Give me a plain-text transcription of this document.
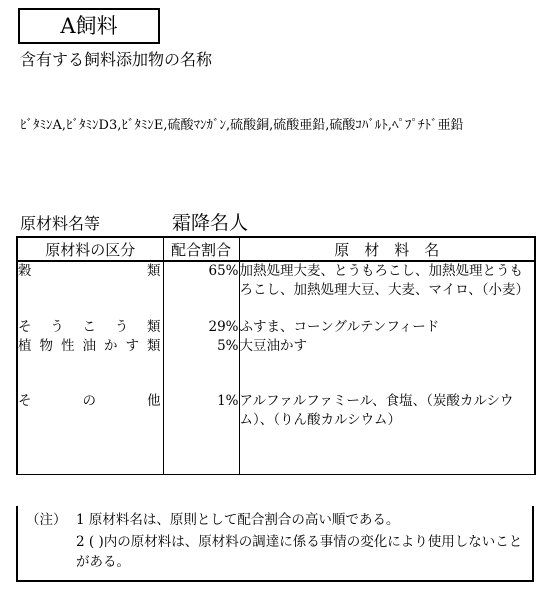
A飼料
含有する飼料添加物の名称
ﾋﾞﾀﾐﾝA,ﾋﾞﾀﾐﾝD3,ﾋﾞﾀﾐﾝE,硫酸ﾏﾝｶﾞﾝ,硫酸銅,硫酸亜鉛,硫酸ｺﾊﾞﾙﾄ,ﾍﾟﾌﾟﾁﾄﾞ亜鉛
原材料名等	霜降名人
原材料の区分	配合割合	原　材　料　名

穀類	65%	加熱処理大麦、とうもろこし、加熱処理とうもろこし、加熱処理大豆、大麦、マイロ、（小麦）

そうこう類	29%	ふすま、コーングルテンフィード

植物性油かす類	5%	大豆油かす

その他	1%	アルファルファミール、食塩、（炭酸カルシウム）、（りん酸カルシウム）

（注） 1 原材料名は、原則として配合割合の高い順である。
2 ( )内の原材料は、原材料の調達に係る事情の変化により使用しないことがある。
